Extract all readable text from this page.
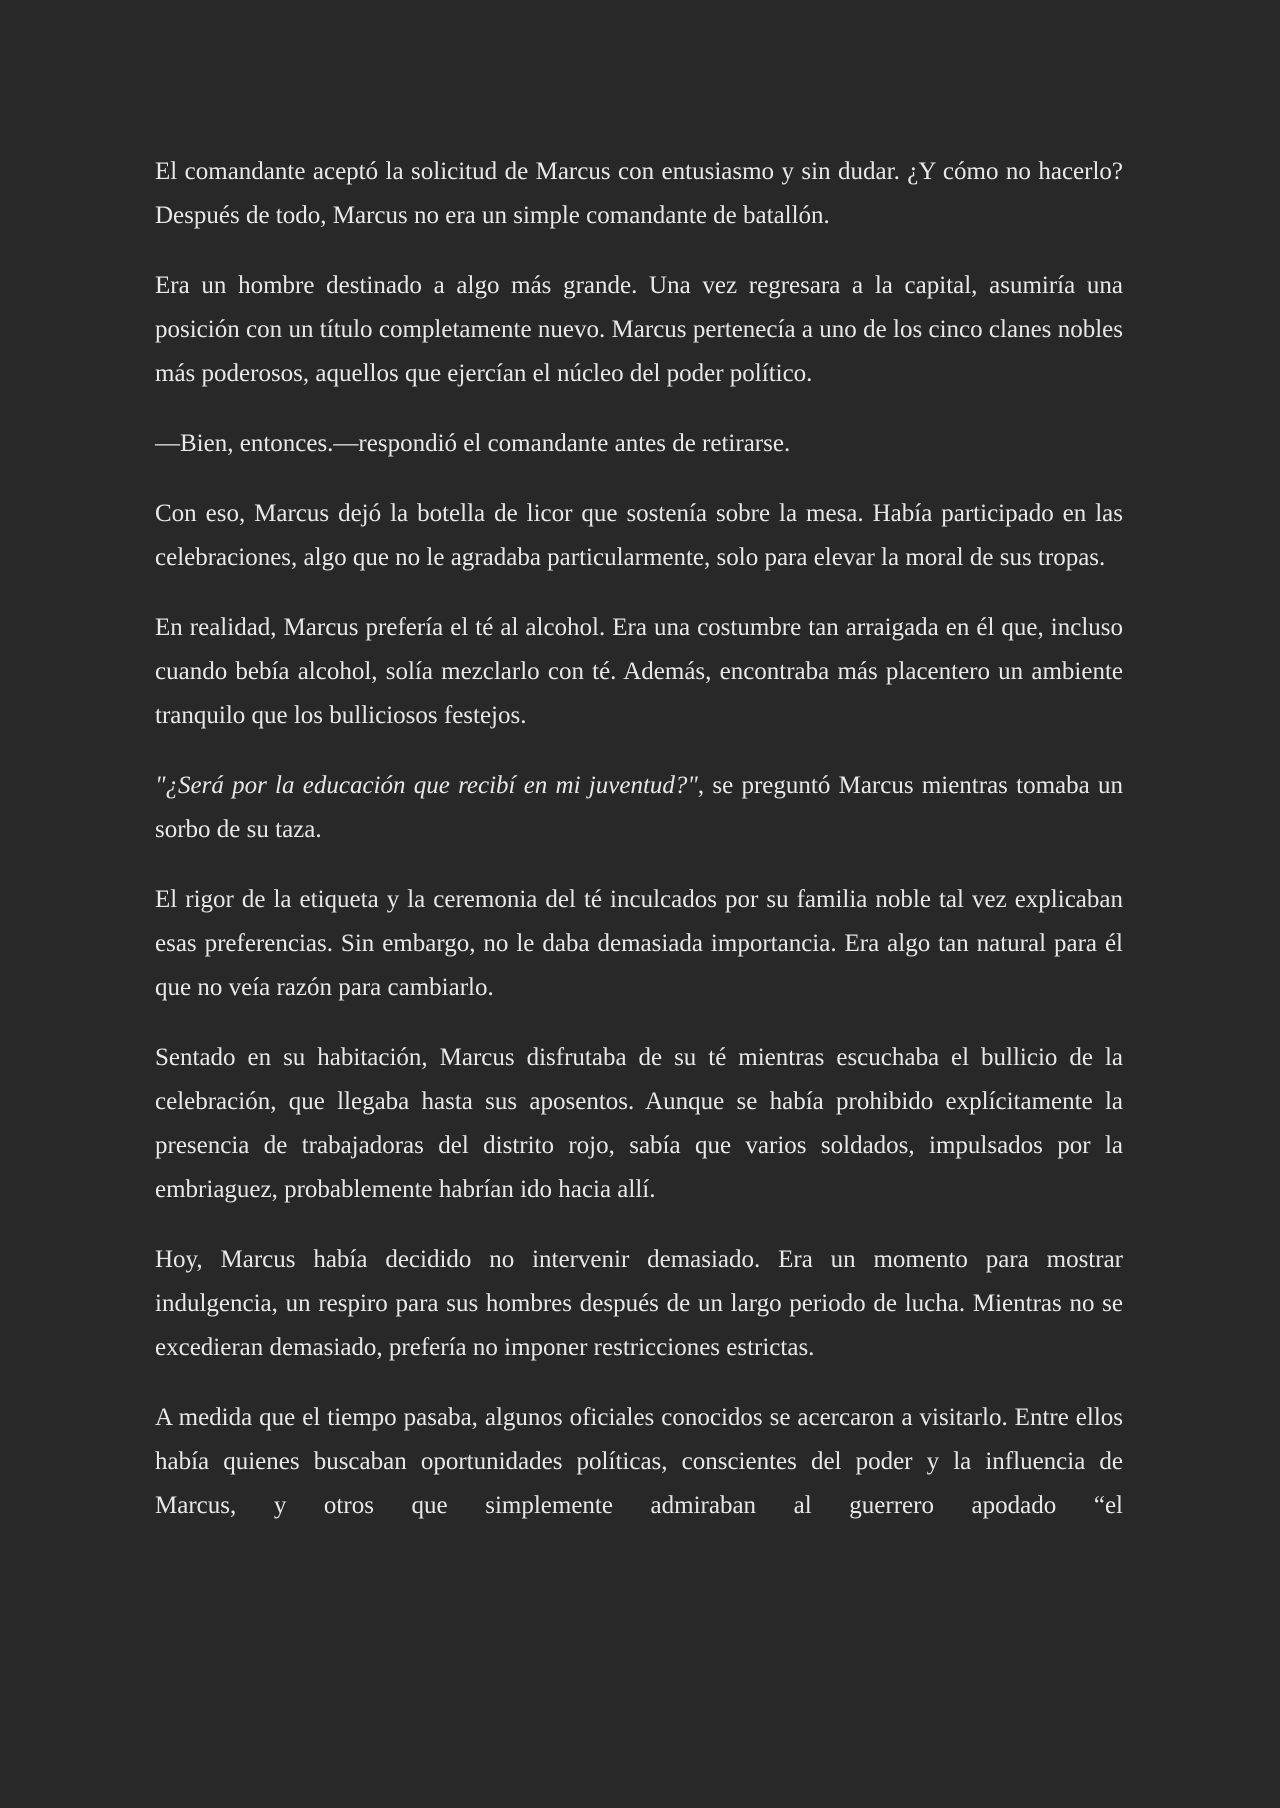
El comandante aceptó la solicitud de Marcus con entusiasmo y sin dudar. ¿Y cómo no hacerlo? Después de todo, Marcus no era un simple comandante de batallón.

Era un hombre destinado a algo más grande. Una vez regresara a la capital, asumiría una posición con un título completamente nuevo. Marcus pertenecía a uno de los cinco clanes nobles más poderosos, aquellos que ejercían el núcleo del poder político.

—Bien, entonces.—respondió el comandante antes de retirarse.

Con eso, Marcus dejó la botella de licor que sostenía sobre la mesa. Había participado en las celebraciones, algo que no le agradaba particularmente, solo para elevar la moral de sus tropas.

En realidad, Marcus prefería el té al alcohol. Era una costumbre tan arraigada en él que, incluso cuando bebía alcohol, solía mezclarlo con té. Además, encontraba más placentero un ambiente tranquilo que los bulliciosos festejos.

"¿Será por la educación que recibí en mi juventud?", se preguntó Marcus mientras tomaba un sorbo de su taza.

El rigor de la etiqueta y la ceremonia del té inculcados por su familia noble tal vez explicaban esas preferencias. Sin embargo, no le daba demasiada importancia. Era algo tan natural para él que no veía razón para cambiarlo.

Sentado en su habitación, Marcus disfrutaba de su té mientras escuchaba el bullicio de la celebración, que llegaba hasta sus aposentos. Aunque se había prohibido explícitamente la presencia de trabajadoras del distrito rojo, sabía que varios soldados, impulsados por la embriaguez, probablemente habrían ido hacia allí.

Hoy, Marcus había decidido no intervenir demasiado. Era un momento para mostrar indulgencia, un respiro para sus hombres después de un largo periodo de lucha. Mientras no se excedieran demasiado, prefería no imponer restricciones estrictas.

A medida que el tiempo pasaba, algunos oficiales conocidos se acercaron a visitarlo. Entre ellos había quienes buscaban oportunidades políticas, conscientes del poder y la influencia de Marcus, y otros que simplemente admiraban al guerrero apodado “el
